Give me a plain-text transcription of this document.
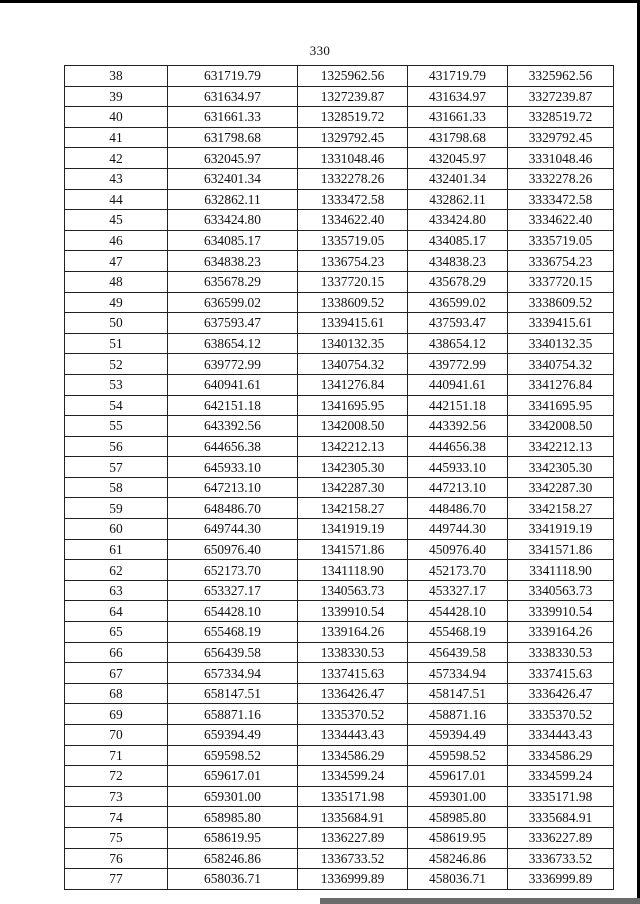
330
38	631719.79	1325962.56	431719.79	3325962.56
39	631634.97	1327239.87	431634.97	3327239.87
40	631661.33	1328519.72	431661.33	3328519.72
41	631798.68	1329792.45	431798.68	3329792.45
42	632045.97	1331048.46	432045.97	3331048.46
43	632401.34	1332278.26	432401.34	3332278.26
44	632862.11	1333472.58	432862.11	3333472.58
45	633424.80	1334622.40	433424.80	3334622.40
46	634085.17	1335719.05	434085.17	3335719.05
47	634838.23	1336754.23	434838.23	3336754.23
48	635678.29	1337720.15	435678.29	3337720.15
49	636599.02	1338609.52	436599.02	3338609.52
50	637593.47	1339415.61	437593.47	3339415.61
51	638654.12	1340132.35	438654.12	3340132.35
52	639772.99	1340754.32	439772.99	3340754.32
53	640941.61	1341276.84	440941.61	3341276.84
54	642151.18	1341695.95	442151.18	3341695.95
55	643392.56	1342008.50	443392.56	3342008.50
56	644656.38	1342212.13	444656.38	3342212.13
57	645933.10	1342305.30	445933.10	3342305.30
58	647213.10	1342287.30	447213.10	3342287.30
59	648486.70	1342158.27	448486.70	3342158.27
60	649744.30	1341919.19	449744.30	3341919.19
61	650976.40	1341571.86	450976.40	3341571.86
62	652173.70	1341118.90	452173.70	3341118.90
63	653327.17	1340563.73	453327.17	3340563.73
64	654428.10	1339910.54	454428.10	3339910.54
65	655468.19	1339164.26	455468.19	3339164.26
66	656439.58	1338330.53	456439.58	3338330.53
67	657334.94	1337415.63	457334.94	3337415.63
68	658147.51	1336426.47	458147.51	3336426.47
69	658871.16	1335370.52	458871.16	3335370.52
70	659394.49	1334443.43	459394.49	3334443.43
71	659598.52	1334586.29	459598.52	3334586.29
72	659617.01	1334599.24	459617.01	3334599.24
73	659301.00	1335171.98	459301.00	3335171.98
74	658985.80	1335684.91	458985.80	3335684.91
75	658619.95	1336227.89	458619.95	3336227.89
76	658246.86	1336733.52	458246.86	3336733.52
77	658036.71	1336999.89	458036.71	3336999.89
